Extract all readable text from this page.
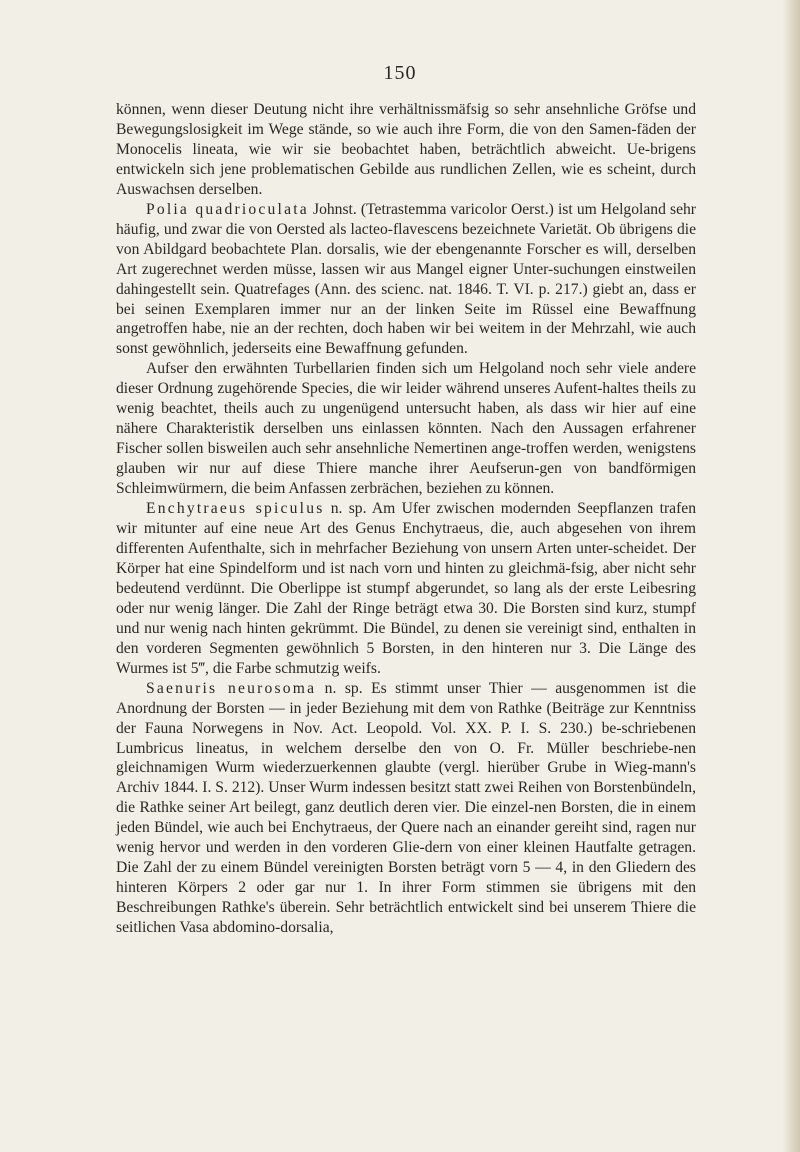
150

können, wenn dieser Deutung nicht ihre verhältnissmäfsig so sehr ansehnliche Gröfse und Bewegungslosigkeit im Wege stände, so wie auch ihre Form, die von den Samen-fäden der Monocelis lineata, wie wir sie beobachtet haben, beträchtlich abweicht. Ue-brigens entwickeln sich jene problematischen Gebilde aus rundlichen Zellen, wie es scheint, durch Auswachsen derselben.

Polia quadrioculata Johnst. (Tetrastemma varicolor Oerst.) ist um Helgoland sehr häufig, und zwar die von Oersted als lacteo-flavescens bezeichnete Varietät. Ob übrigens die von Abildgard beobachtete Plan. dorsalis, wie der ebengenannte Forscher es will, derselben Art zugerechnet werden müsse, lassen wir aus Mangel eigner Unter-suchungen einstweilen dahingestellt sein. Quatrefages (Ann. des scienc. nat. 1846. T. VI. p. 217.) giebt an, dass er bei seinen Exemplaren immer nur an der linken Seite im Rüssel eine Bewaffnung angetroffen habe, nie an der rechten, doch haben wir bei weitem in der Mehrzahl, wie auch sonst gewöhnlich, jederseits eine Bewaffnung gefunden.

Aufser den erwähnten Turbellarien finden sich um Helgoland noch sehr viele andere dieser Ordnung zugehörende Species, die wir leider während unseres Aufent-haltes theils zu wenig beachtet, theils auch zu ungenügend untersucht haben, als dass wir hier auf eine nähere Charakteristik derselben uns einlassen könnten. Nach den Aussagen erfahrener Fischer sollen bisweilen auch sehr ansehnliche Nemertinen ange-troffen werden, wenigstens glauben wir nur auf diese Thiere manche ihrer Aeufserun-gen von bandförmigen Schleimwürmern, die beim Anfassen zerbrächen, beziehen zu können.

Enchytraeus spiculus n. sp. Am Ufer zwischen modernden Seepflanzen trafen wir mitunter auf eine neue Art des Genus Enchytraeus, die, auch abgesehen von ihrem differenten Aufenthalte, sich in mehrfacher Beziehung von unsern Arten unter-scheidet. Der Körper hat eine Spindelform und ist nach vorn und hinten zu gleichmä-fsig, aber nicht sehr bedeutend verdünnt. Die Oberlippe ist stumpf abgerundet, so lang als der erste Leibesring oder nur wenig länger. Die Zahl der Ringe beträgt etwa 30. Die Borsten sind kurz, stumpf und nur wenig nach hinten gekrümmt. Die Bündel, zu denen sie vereinigt sind, enthalten in den vorderen Segmenten gewöhnlich 5 Borsten, in den hinteren nur 3. Die Länge des Wurmes ist 5‴, die Farbe schmutzig weifs.

Saenuris neurosoma n. sp. Es stimmt unser Thier — ausgenommen ist die Anordnung der Borsten — in jeder Beziehung mit dem von Rathke (Beiträge zur Kenntniss der Fauna Norwegens in Nov. Act. Leopold. Vol. XX. P. I. S. 230.) be-schriebenen Lumbricus lineatus, in welchem derselbe den von O. Fr. Müller beschriebe-nen gleichnamigen Wurm wiederzuerkennen glaubte (vergl. hierüber Grube in Wieg-mann's Archiv 1844. I. S. 212). Unser Wurm indessen besitzt statt zwei Reihen von Borstenbündeln, die Rathke seiner Art beilegt, ganz deutlich deren vier. Die einzel-nen Borsten, die in einem jeden Bündel, wie auch bei Enchytraeus, der Quere nach an einander gereiht sind, ragen nur wenig hervor und werden in den vorderen Glie-dern von einer kleinen Hautfalte getragen. Die Zahl der zu einem Bündel vereinigten Borsten beträgt vorn 5 — 4, in den Gliedern des hinteren Körpers 2 oder gar nur 1. In ihrer Form stimmen sie übrigens mit den Beschreibungen Rathke's überein. Sehr beträchtlich entwickelt sind bei unserem Thiere die seitlichen Vasa abdomino-dorsalia,
